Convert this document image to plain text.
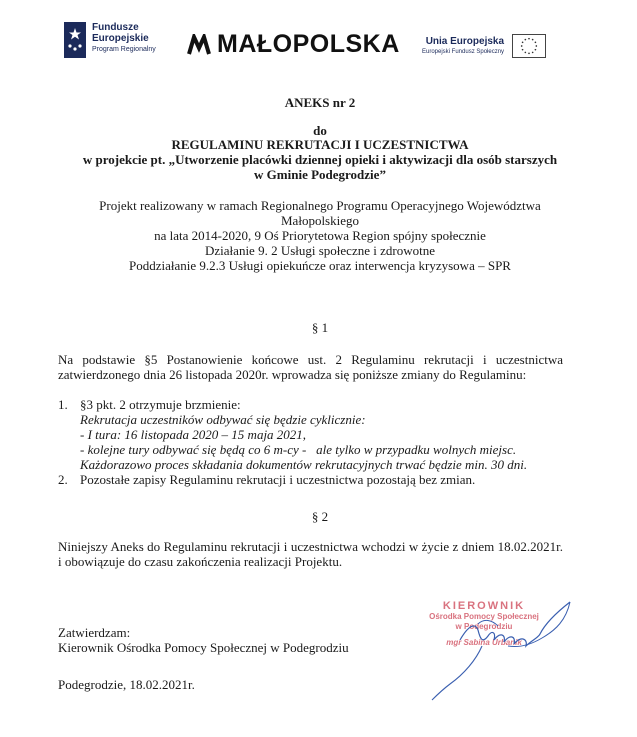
Fundusze
Europejskie
Program Regionalny MAŁOPOLSKA	Unia Europejska
Europejski Fundusz Społeczny
ANEKS nr 2
do
REGULAMINU REKRUTACJI I UCZESTNICTWA
w projekcie pt. „Utworzenie placówki dziennej opieki i aktywizacji dla osób starszych
w Gminie Podegrodzie”
Projekt realizowany w ramach Regionalnego Programu Operacyjnego Województwa
Małopolskiego
na lata 2014-2020, 9 Oś Priorytetowa Region spójny społecznie
Działanie 9. 2 Usługi społeczne i zdrowotne
Poddziałanie 9.2.3 Usługi opiekuńcze oraz interwencja kryzysowa – SPR
§ 1
Na podstawie §5 Postanowienie końcowe ust. 2 Regulaminu rekrutacji i uczestnictwa zatwierdzonego dnia 26 listopada 2020r. wprowadza się poniższe zmiany do Regulaminu:
1. §3 pkt. 2 otrzymuje brzmienie:
Rekrutacja uczestników odbywać się będzie cyklicznie:
- I tura: 16 listopada 2020 – 15 maja 2021,
- kolejne tury odbywać się będą co 6 m-cy -   ale tylko w przypadku wolnych miejsc.
Każdorazowo proces składania dokumentów rekrutacyjnych trwać będzie min. 30 dni.
2. Pozostałe zapisy Regulaminu rekrutacji i uczestnictwa pozostają bez zmian.
§ 2
Niniejszy Aneks do Regulaminu rekrutacji i uczestnictwa wchodzi w życie z dniem 18.02.2021r. i obowiązuje do czasu zakończenia realizacji Projektu.
Zatwierdzam:
Kierownik Ośrodka Pomocy Społecznej w Podegrodziu
Podegrodzie, 18.02.2021r.
KIEROWNIK
Ośrodka Pomocy Społecznej
w Podegrodziu
mgr Sabina Urbanik
